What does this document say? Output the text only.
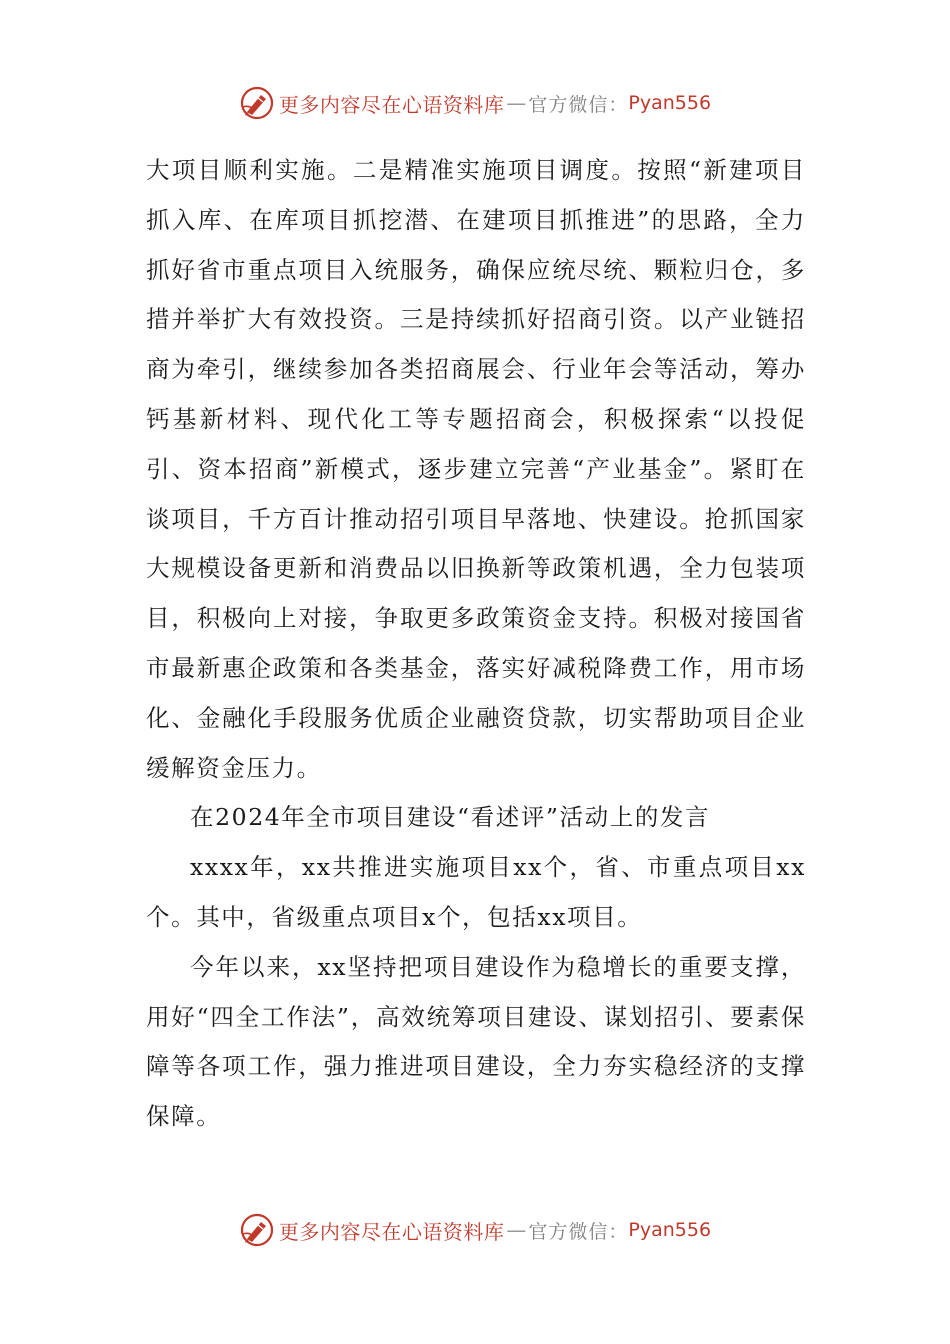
更多内容尽在心语资料库 — 官方微信： Pyan556

大项目顺利实施。二是精准实施项目调度。按照“新建项目抓入库、在库项目抓挖潜、在建项目抓推进”的思路，全力抓好省市重点项目入统服务，确保应统尽统、颗粒归仓，多措并举扩大有效投资。三是持续抓好招商引资。以产业链招商为牵引，继续参加各类招商展会、行业年会等活动，筹办钙基新材料、现代化工等专题招商会，积极探索“以投促引、资本招商”新模式，逐步建立完善“产业基金”。紧盯在谈项目，千方百计推动招引项目早落地、快建设。抢抓国家大规模设备更新和消费品以旧换新等政策机遇，全力包装项目，积极向上对接，争取更多政策资金支持。积极对接国省市最新惠企政策和各类基金，落实好减税降费工作，用市场化、金融化手段服务优质企业融资贷款，切实帮助项目企业缓解资金压力。

在2024年全市项目建设“看述评”活动上的发言

xxxx年，xx共推进实施项目xx个，省、市重点项目xx个。其中，省级重点项目x个，包括xx项目。

今年以来，xx坚持把项目建设作为稳增长的重要支撑，用好“四全工作法”，高效统筹项目建设、谋划招引、要素保障等各项工作，强力推进项目建设，全力夯实稳经济的支撑保障。

更多内容尽在心语资料库 — 官方微信： Pyan556
